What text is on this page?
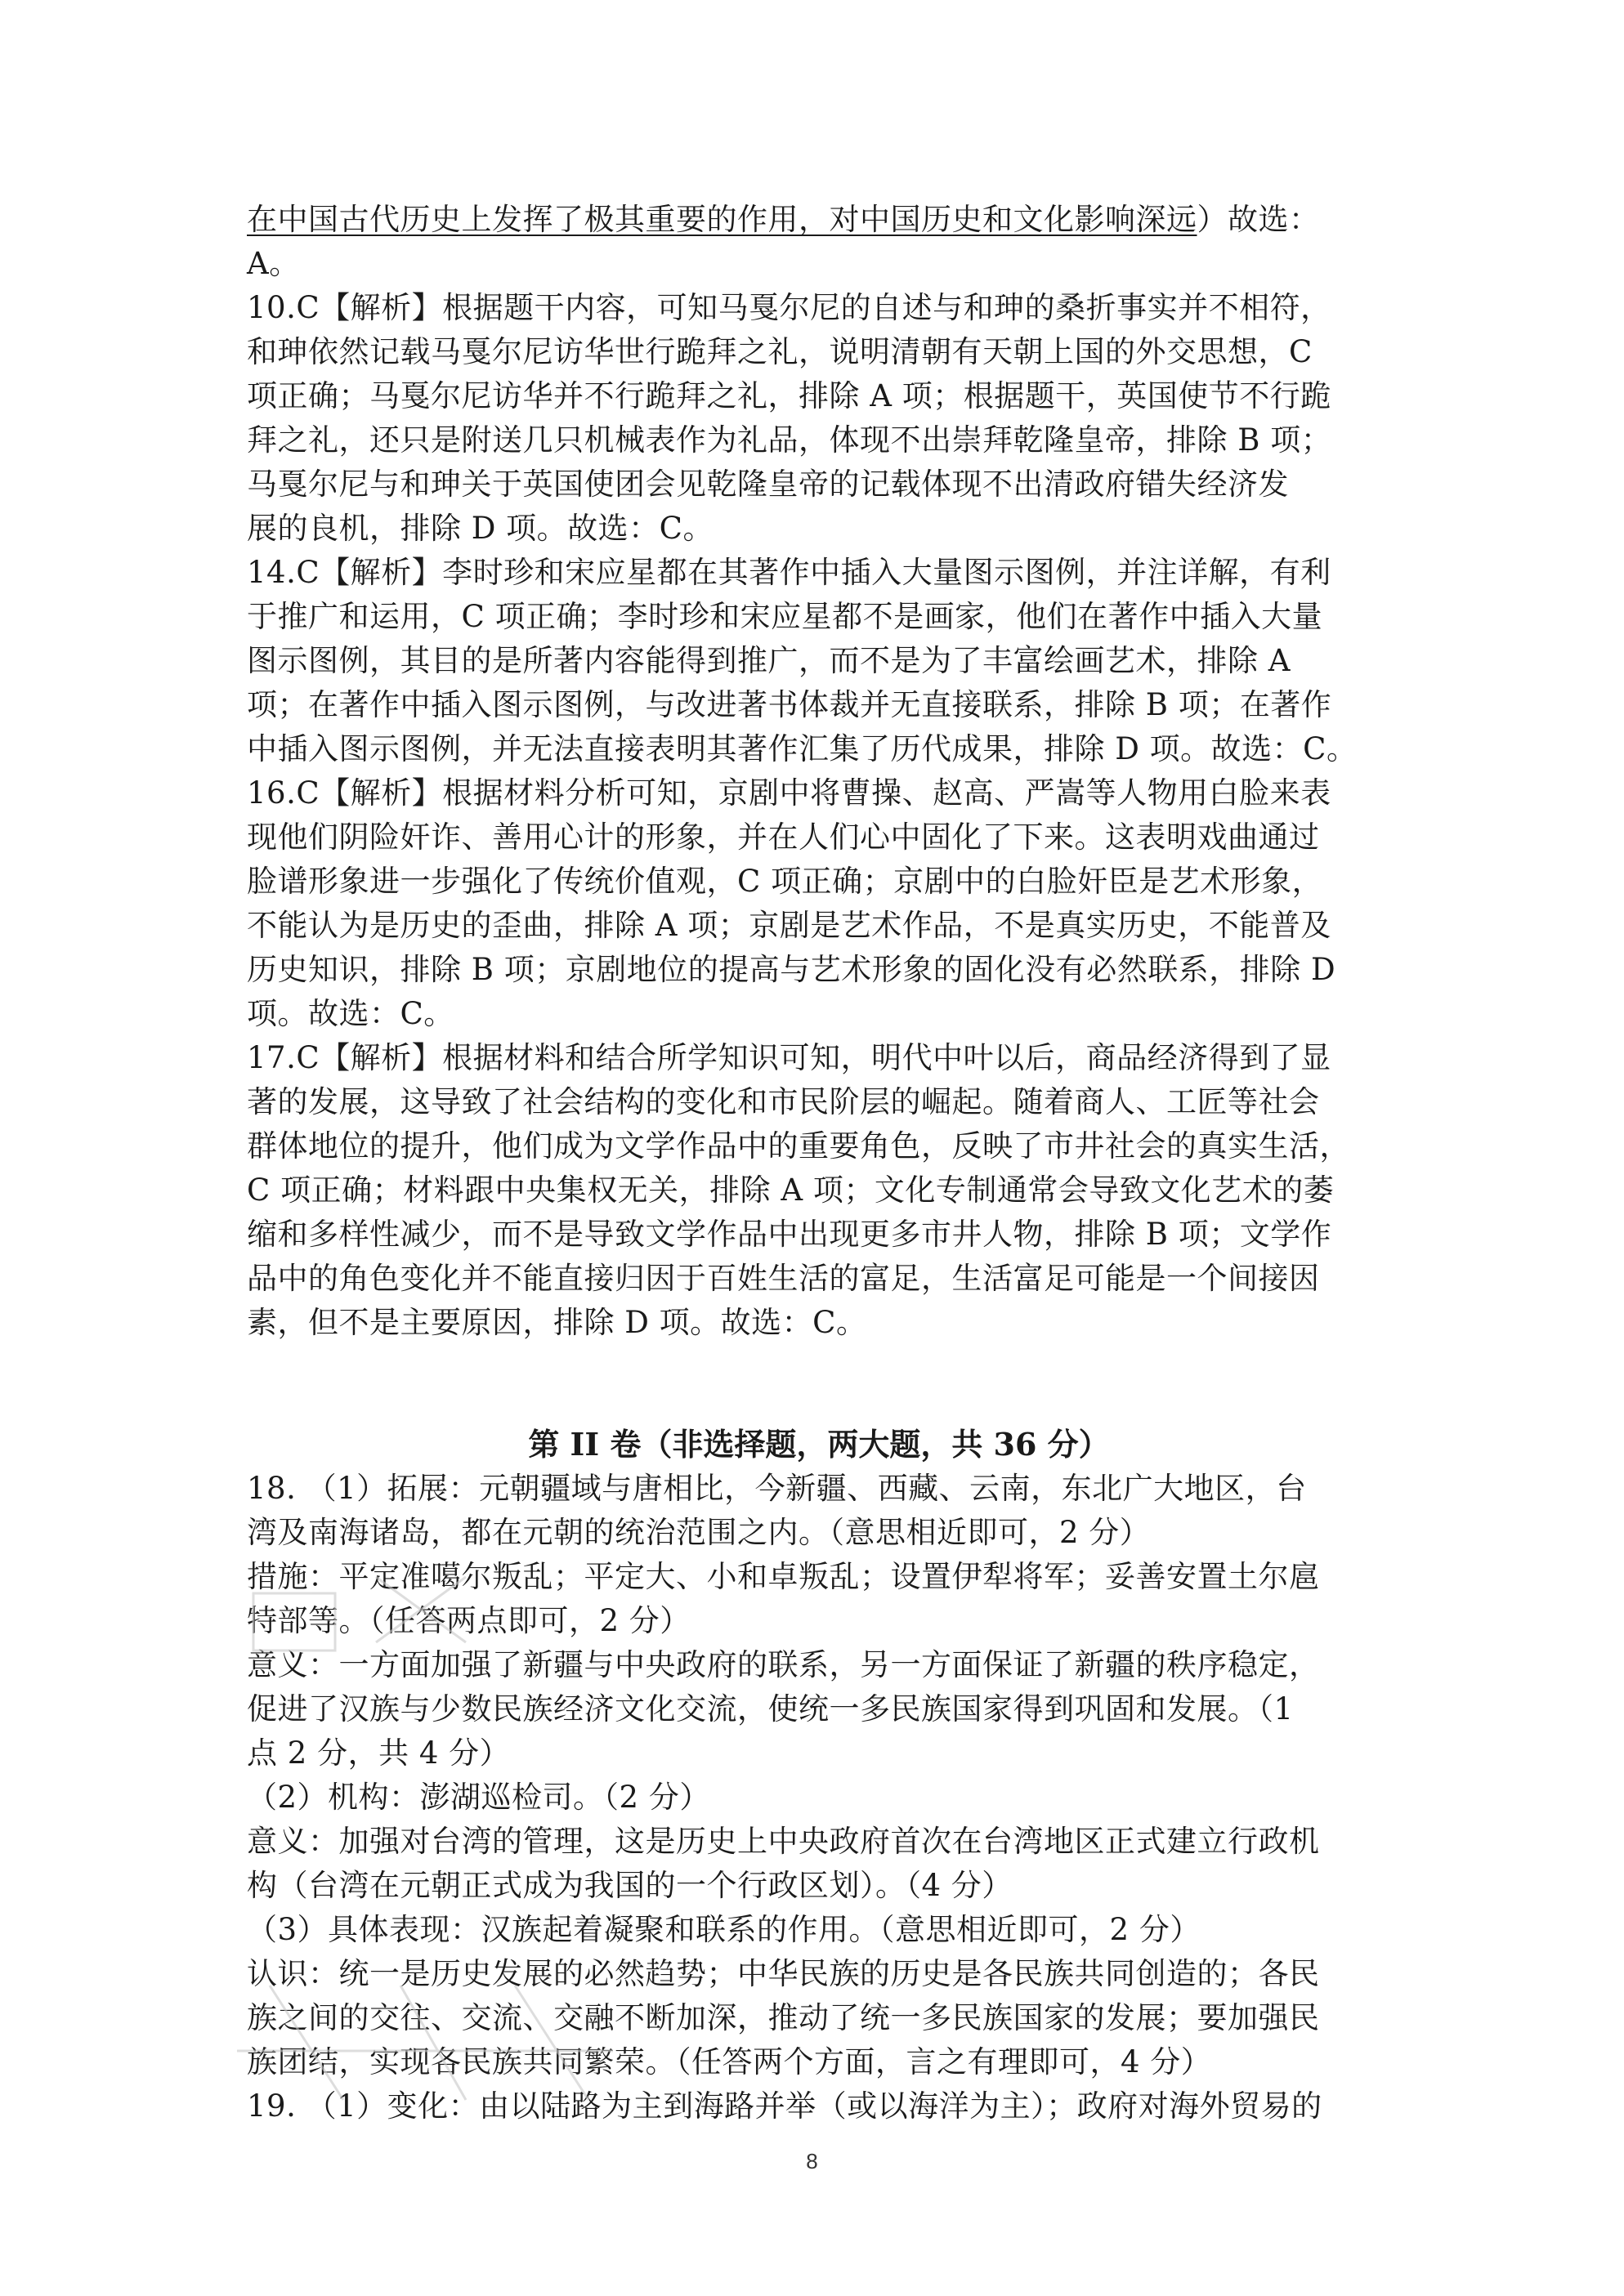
在中国古代历史上发挥了极其重要的作用，对中国历史和文化影响深远）故选：
A。
10.C【解析】根据题干内容，可知马戛尔尼的自述与和珅的桑折事实并不相符，
和珅依然记载马戛尔尼访华世行跪拜之礼，说明清朝有天朝上国的外交思想，C
项正确；马戛尔尼访华并不行跪拜之礼，排除 A 项；根据题干，英国使节不行跪
拜之礼，还只是附送几只机械表作为礼品，体现不出崇拜乾隆皇帝，排除 B 项；
马戛尔尼与和珅关于英国使团会见乾隆皇帝的记载体现不出清政府错失经济发
展的良机，排除 D 项。故选：C。
14.C【解析】李时珍和宋应星都在其著作中插入大量图示图例，并注详解，有利
于推广和运用，C 项正确；李时珍和宋应星都不是画家，他们在著作中插入大量
图示图例，其目的是所著内容能得到推广，而不是为了丰富绘画艺术，排除 A
项；在著作中插入图示图例，与改进著书体裁并无直接联系，排除 B 项；在著作
中插入图示图例，并无法直接表明其著作汇集了历代成果，排除 D 项。故选：C。
16.C【解析】根据材料分析可知，京剧中将曹操、赵高、严嵩等人物用白脸来表
现他们阴险奸诈、善用心计的形象，并在人们心中固化了下来。这表明戏曲通过
脸谱形象进一步强化了传统价值观，C 项正确；京剧中的白脸奸臣是艺术形象，
不能认为是历史的歪曲，排除 A 项；京剧是艺术作品，不是真实历史，不能普及
历史知识，排除 B 项；京剧地位的提高与艺术形象的固化没有必然联系，排除 D
项。故选：C。
17.C【解析】根据材料和结合所学知识可知，明代中叶以后，商品经济得到了显
著的发展，这导致了社会结构的变化和市民阶层的崛起。随着商人、工匠等社会
群体地位的提升，他们成为文学作品中的重要角色，反映了市井社会的真实生活，
C 项正确；材料跟中央集权无关，排除 A 项；文化专制通常会导致文化艺术的萎
缩和多样性减少，而不是导致文学作品中出现更多市井人物，排除 B 项；文学作
品中的角色变化并不能直接归因于百姓生活的富足，生活富足可能是一个间接因
素，但不是主要原因，排除 D 项。故选：C。
第 II 卷（非选择题，两大题，共 36 分）
18. （1）拓展：元朝疆域与唐相比，今新疆、西藏、云南，东北广大地区，台
湾及南海诸岛，都在元朝的统治范围之内。（意思相近即可，2 分）
措施：平定准噶尔叛乱；平定大、小和卓叛乱；设置伊犁将军；妥善安置土尔扈
特部等。（任答两点即可，2 分）
意义：一方面加强了新疆与中央政府的联系，另一方面保证了新疆的秩序稳定，
促进了汉族与少数民族经济文化交流，使统一多民族国家得到巩固和发展。（1
点 2 分，共 4 分）
（2）机构：澎湖巡检司。（2 分）
意义：加强对台湾的管理，这是历史上中央政府首次在台湾地区正式建立行政机
构（台湾在元朝正式成为我国的一个行政区划）。（4 分）
（3）具体表现：汉族起着凝聚和联系的作用。（意思相近即可，2 分）
认识：统一是历史发展的必然趋势；中华民族的历史是各民族共同创造的；各民
族之间的交往、交流、交融不断加深，推动了统一多民族国家的发展；要加强民
族团结，实现各民族共同繁荣。（任答两个方面，言之有理即可，4 分）
19. （1）变化：由以陆路为主到海路并举（或以海洋为主）；政府对海外贸易的
8
